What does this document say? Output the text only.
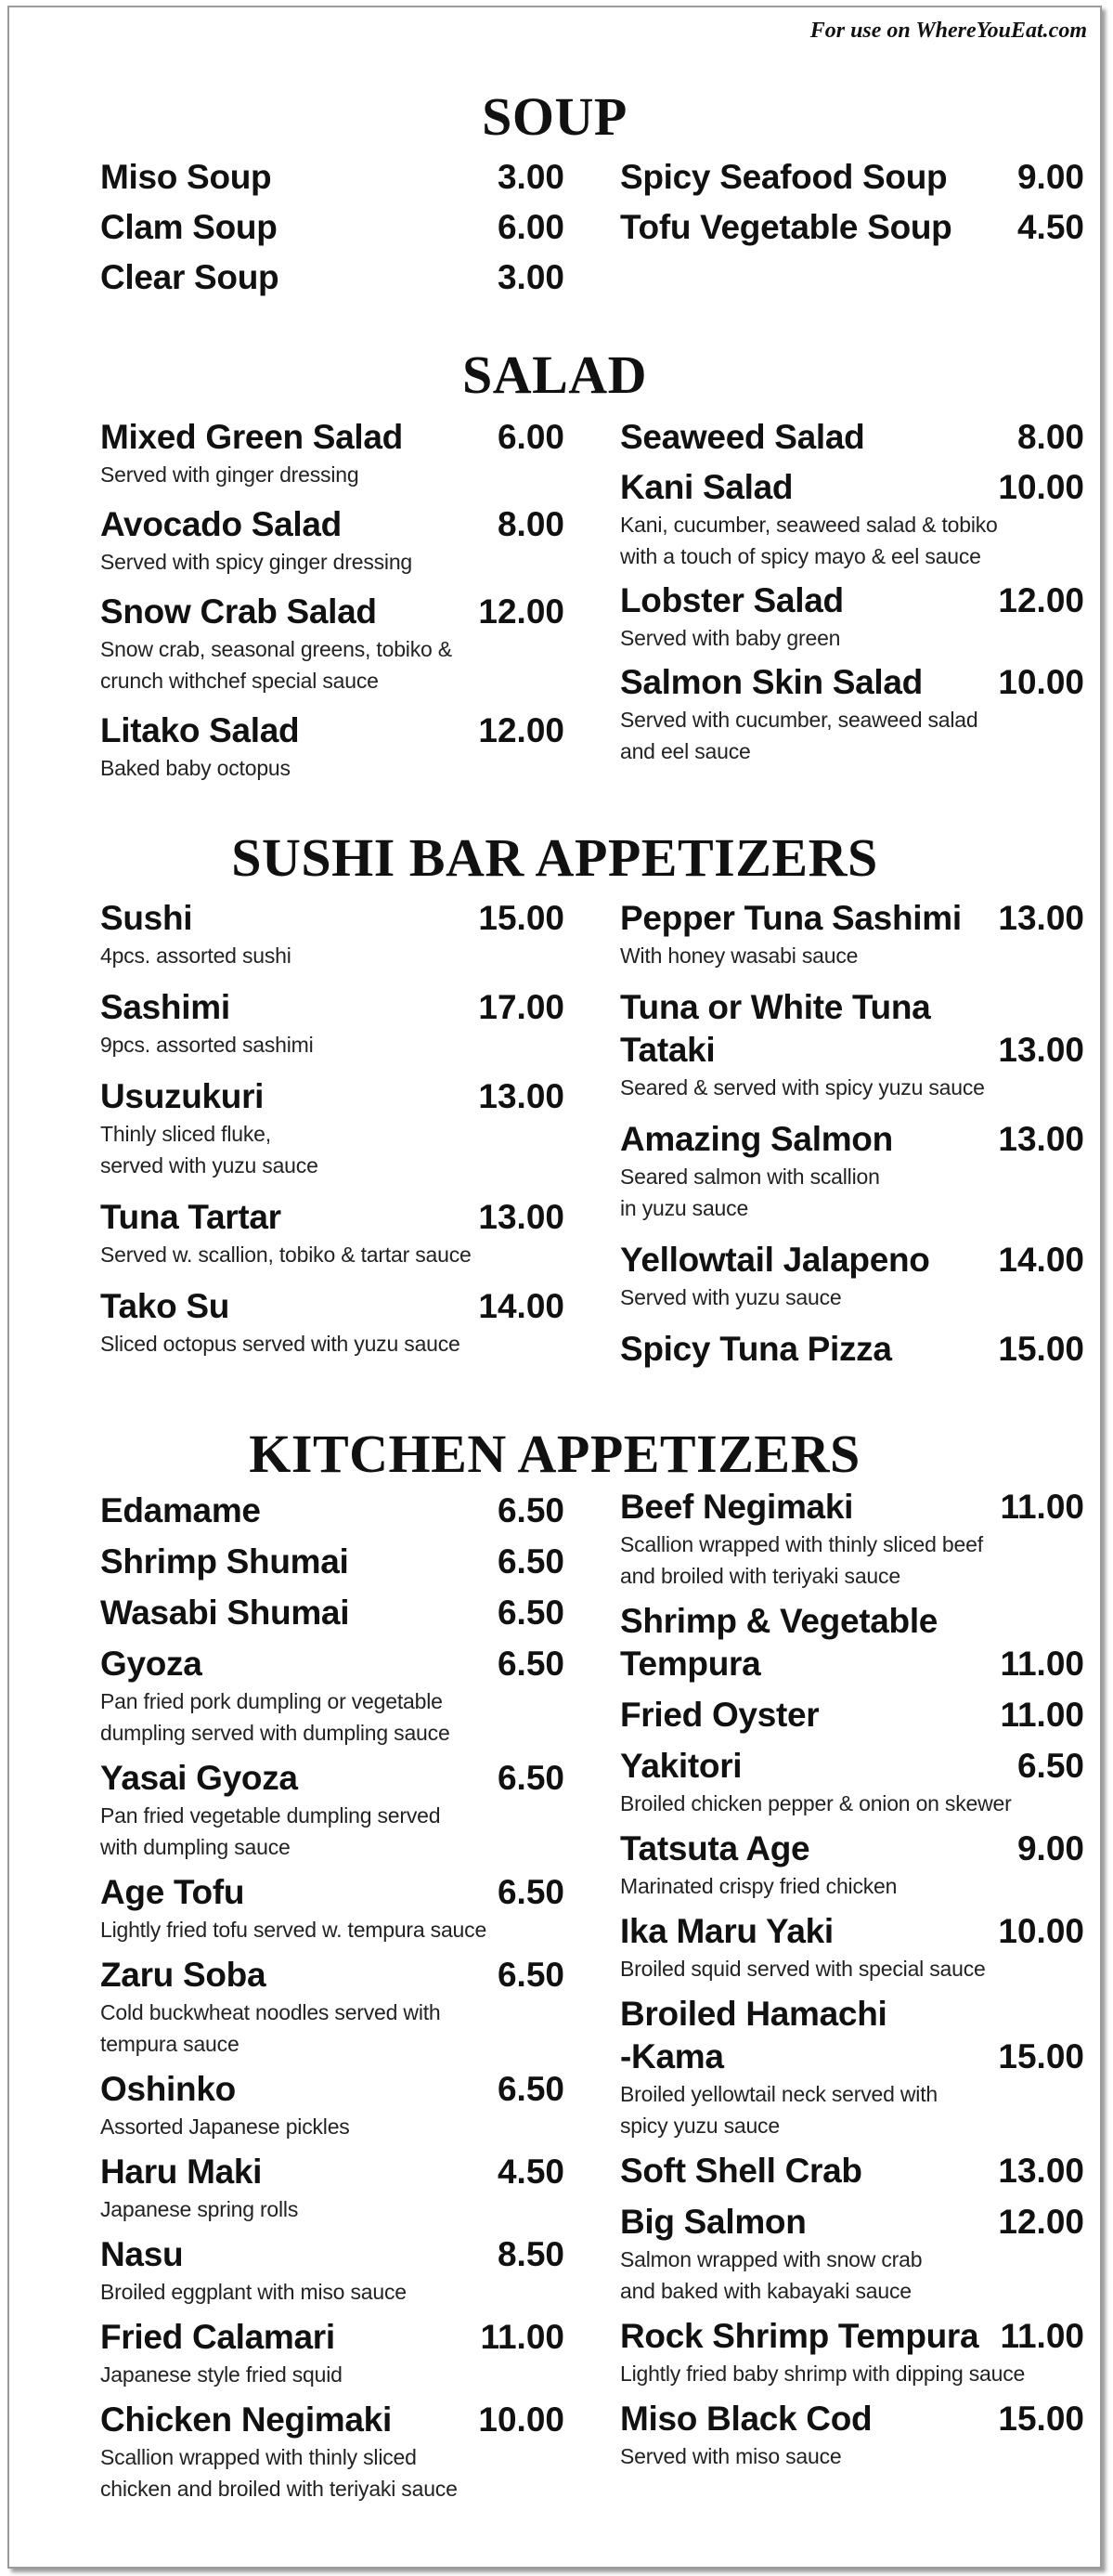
For use on WhereYouEat.com
SOUP
Miso Soup	3.00
Clam Soup	6.00
Clear Soup	3.00
Spicy Seafood Soup 9.00
Tofu Vegetable Soup 4.50
SALAD
Mixed Green Salad	6.00
Served with ginger dressing
Avocado Salad	8.00
Served with spicy ginger dressing
Snow Crab Salad	12.00
Snow crab, seasonal greens, tobiko &
crunch withchef special sauce
Litako Salad	12.00
Baked baby octopus
Seaweed Salad	8.00
Kani Salad	10.00
Kani, cucumber, seaweed salad & tobiko
with a touch of spicy mayo & eel sauce
Lobster Salad	12.00
Served with baby green
Salmon Skin Salad 10.00
Served with cucumber, seaweed salad
and eel sauce
SUSHI BAR APPETIZERS
Sushi	15.00
4pcs. assorted sushi
Sashimi	17.00
9pcs. assorted sashimi
Usuzukuri	13.00
Thinly sliced fluke,
served with yuzu sauce
Tuna Tartar	13.00
Served w. scallion, tobiko & tartar sauce
Tako Su	14.00
Sliced octopus served with yuzu sauce
Pepper Tuna Sashimi 13.00
With honey wasabi sauce
Tuna or White Tuna
Tataki	13.00
Seared & served with spicy yuzu sauce
Amazing Salmon	13.00
Seared salmon with scallion
in yuzu sauce
Yellowtail Jalapeno 14.00
Served with yuzu sauce
Spicy Tuna Pizza	15.00
KITCHEN APPETIZERS
Edamame	6.50
Shrimp Shumai	6.50
Wasabi Shumai	6.50
Gyoza	6.50
Pan fried pork dumpling or vegetable
dumpling served with dumpling sauce
Yasai Gyoza	6.50
Pan fried vegetable dumpling served
with dumpling sauce
Age Tofu	6.50
Lightly fried tofu served w. tempura sauce
Zaru Soba	6.50
Cold buckwheat noodles served with
tempura sauce
Oshinko	6.50
Assorted Japanese pickles
Haru Maki	4.50
Japanese spring rolls
Nasu	8.50
Broiled eggplant with miso sauce
Fried Calamari	11.00
Japanese style fried squid
Chicken Negimaki	10.00
Scallion wrapped with thinly sliced
chicken and broiled with teriyaki sauce
Beef Negimaki	11.00
Scallion wrapped with thinly sliced beef
and broiled with teriyaki sauce
Shrimp & Vegetable
Tempura	11.00
Fried Oyster	11.00
Yakitori	6.50
Broiled chicken pepper & onion on skewer
Tatsuta Age	9.00
Marinated crispy fried chicken
Ika Maru Yaki	10.00
Broiled squid served with special sauce
Broiled Hamachi
-Kama	15.00
Broiled yellowtail neck served with
spicy yuzu sauce
Soft Shell Crab	13.00
Big Salmon	12.00
Salmon wrapped with snow crab
and baked with kabayaki sauce
Rock Shrimp Tempura 11.00
Lightly fried baby shrimp with dipping sauce
Miso Black Cod	15.00
Served with miso sauce
